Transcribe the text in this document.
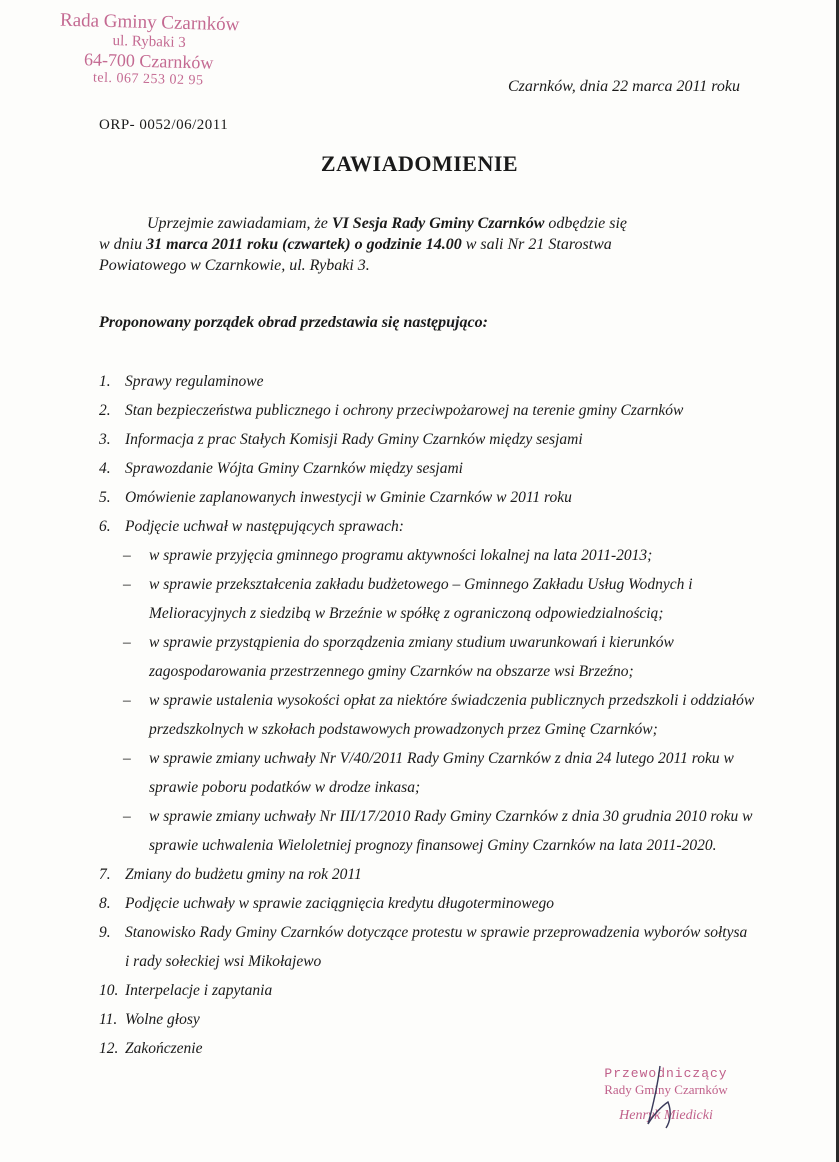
Rada Gminy Czarnków
ul. Rybaki 3
64-700 Czarnków
tel. 067 253 02 95	Czarnków, dnia 22 marca 2011 roku
ORP- 0052/06/2011
ZAWIADOMIENIE
Uprzejmie zawiadamiam, że VI Sesja Rady Gminy Czarnków odbędzie się
w dniu 31 marca 2011 roku (czwartek) o godzinie 14.00 w sali Nr 21 Starostwa
Powiatowego w Czarnkowie, ul. Rybaki 3.
Proponowany porządek obrad przedstawia się następująco:
1. Sprawy regulaminowe
2. Stan bezpieczeństwa publicznego i ochrony przeciwpożarowej na terenie gminy Czarnków
3. Informacja z prac Stałych Komisji Rady Gminy Czarnków między sesjami
4. Sprawozdanie Wójta Gminy Czarnków między sesjami
5. Omówienie zaplanowanych inwestycji w Gminie Czarnków w 2011 roku
6. Podjęcie uchwał w następujących sprawach:
– w sprawie przyjęcia gminnego programu aktywności lokalnej na lata 2011-2013;
– w sprawie przekształcenia zakładu budżetowego – Gminnego Zakładu Usług Wodnych i Melioracyjnych z siedzibą w Brzeźnie w spółkę z ograniczoną odpowiedzialnością;
– w sprawie przystąpienia do sporządzenia zmiany studium uwarunkowań i kierunków zagospodarowania przestrzennego gminy Czarnków na obszarze wsi Brzeźno;
– w sprawie ustalenia wysokości opłat za niektóre świadczenia publicznych przedszkoli i oddziałów przedszkolnych w szkołach podstawowych prowadzonych przez Gminę Czarnków;
– w sprawie zmiany uchwały Nr V/40/2011 Rady Gminy Czarnków z dnia 24 lutego 2011 roku w sprawie poboru podatków w drodze inkasa;
– w sprawie zmiany uchwały Nr III/17/2010 Rady Gminy Czarnków z dnia 30 grudnia 2010 roku w sprawie uchwalenia Wieloletniej prognozy finansowej Gminy Czarnków na lata 2011-2020.
7. Zmiany do budżetu gminy na rok 2011
8. Podjęcie uchwały w sprawie zaciągnięcia kredytu długoterminowego
9. Stanowisko Rady Gminy Czarnków dotyczące protestu w sprawie przeprowadzenia wyborów sołtysa i rady sołeckiej wsi Mikołajewo
10. Interpelacje i zapytania
11. Wolne głosy
12. Zakończenie
Przewodniczący
Rady Gminy Czarnków
Henryk Miedicki
